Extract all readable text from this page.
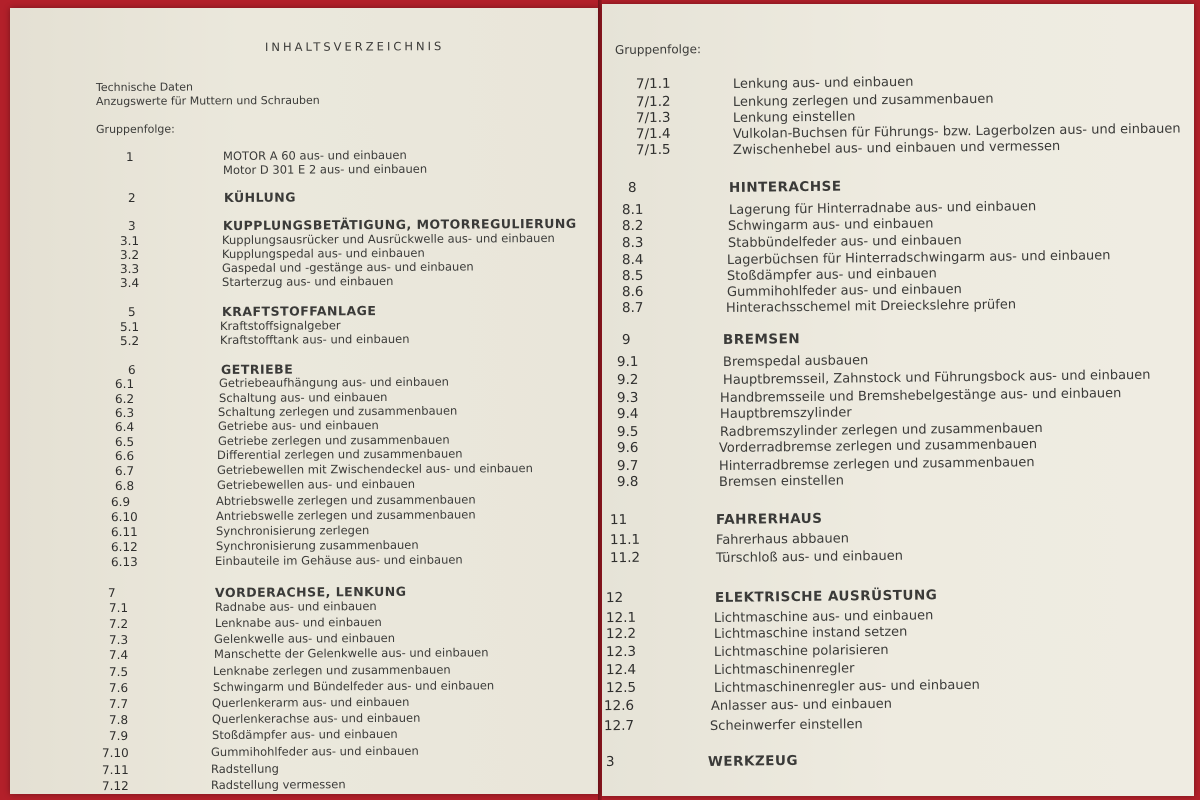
INHALTSVERZEICHNIS
Technische Daten
Anzugswerte für Muttern und Schrauben
Gruppenfolge:
1	MOTOR A 60 aus- und einbauen
Motor D 301 E 2 aus- und einbauen
2	KÜHLUNG
3	KUPPLUNGSBETÄTIGUNG, MOTORREGULIERUNG
3.1	Kupplungsausrücker und Ausrückwelle aus- und einbauen
3.2	Kupplungspedal aus- und einbauen
3.3	Gaspedal und -gestänge aus- und einbauen
3.4	Starterzug aus- und einbauen
5	KRAFTSTOFFANLAGE
5.1	Kraftstoffsignalgeber
5.2	Kraftstofftank aus- und einbauen
6	GETRIEBE
6.1	Getriebeaufhängung aus- und einbauen
6.2	Schaltung aus- und einbauen
6.3	Schaltung zerlegen und zusammenbauen
6.4	Getriebe aus- und einbauen
6.5	Getriebe zerlegen und zusammenbauen
6.6	Differential zerlegen und zusammenbauen
6.7	Getriebewellen mit Zwischendeckel aus- und einbauen
6.8	Getriebewellen aus- und einbauen
6.9	Abtriebswelle zerlegen und zusammenbauen
6.10	Antriebswelle zerlegen und zusammenbauen
6.11	Synchronisierung zerlegen
6.12	Synchronisierung zusammenbauen
6.13	Einbauteile im Gehäuse aus- und einbauen
7	VORDERACHSE, LENKUNG
7.1	Radnabe aus- und einbauen
7.2	Lenknabe aus- und einbauen
7.3	Gelenkwelle aus- und einbauen
7.4	Manschette der Gelenkwelle aus- und einbauen
7.5	Lenknabe zerlegen und zusammenbauen
7.6	Schwingarm und Bündelfeder aus- und einbauen
7.7	Querlenkerarm aus- und einbauen
7.8	Querlenkerachse aus- und einbauen
7.9	Stoßdämpfer aus- und einbauen
7.10	Gummihohlfeder aus- und einbauen
7.11	Radstellung
7.12	Radstellung vermessen
Gruppenfolge:
7/1.1	Lenkung aus- und einbauen
7/1.2	Lenkung zerlegen und zusammenbauen
7/1.3	Lenkung einstellen
7/1.4	Vulkolan-Buchsen für Führungs- bzw. Lagerbolzen aus- und einbauen
7/1.5	Zwischenhebel aus- und einbauen und vermessen
8	HINTERACHSE
8.1	Lagerung für Hinterradnabe aus- und einbauen
8.2	Schwingarm aus- und einbauen
8.3	Stabbündelfeder aus- und einbauen
8.4	Lagerbüchsen für Hinterradschwingarm aus- und einbauen
8.5	Stoßdämpfer aus- und einbauen
8.6	Gummihohlfeder aus- und einbauen
8.7	Hinterachsschemel mit Dreieckslehre prüfen
9	BREMSEN
9.1	Bremspedal ausbauen
9.2	Hauptbremsseil, Zahnstock und Führungsbock aus- und einbauen
9.3	Handbremsseile und Bremshebelgestänge aus- und einbauen
9.4	Hauptbremszylinder
9.5	Radbremszylinder zerlegen und zusammenbauen
9.6	Vorderradbremse zerlegen und zusammenbauen
9.7	Hinterradbremse zerlegen und zusammenbauen
9.8	Bremsen einstellen
11	FAHRERHAUS
11.1	Fahrerhaus abbauen
11.2	Türschloß aus- und einbauen
12	ELEKTRISCHE AUSRÜSTUNG
12.1	Lichtmaschine aus- und einbauen
12.2	Lichtmaschine instand setzen
12.3	Lichtmaschine polarisieren
12.4	Lichtmaschinenregler
12.5	Lichtmaschinenregler aus- und einbauen
12.6	Anlasser aus- und einbauen
12.7	Scheinwerfer einstellen
3	WERKZEUG
